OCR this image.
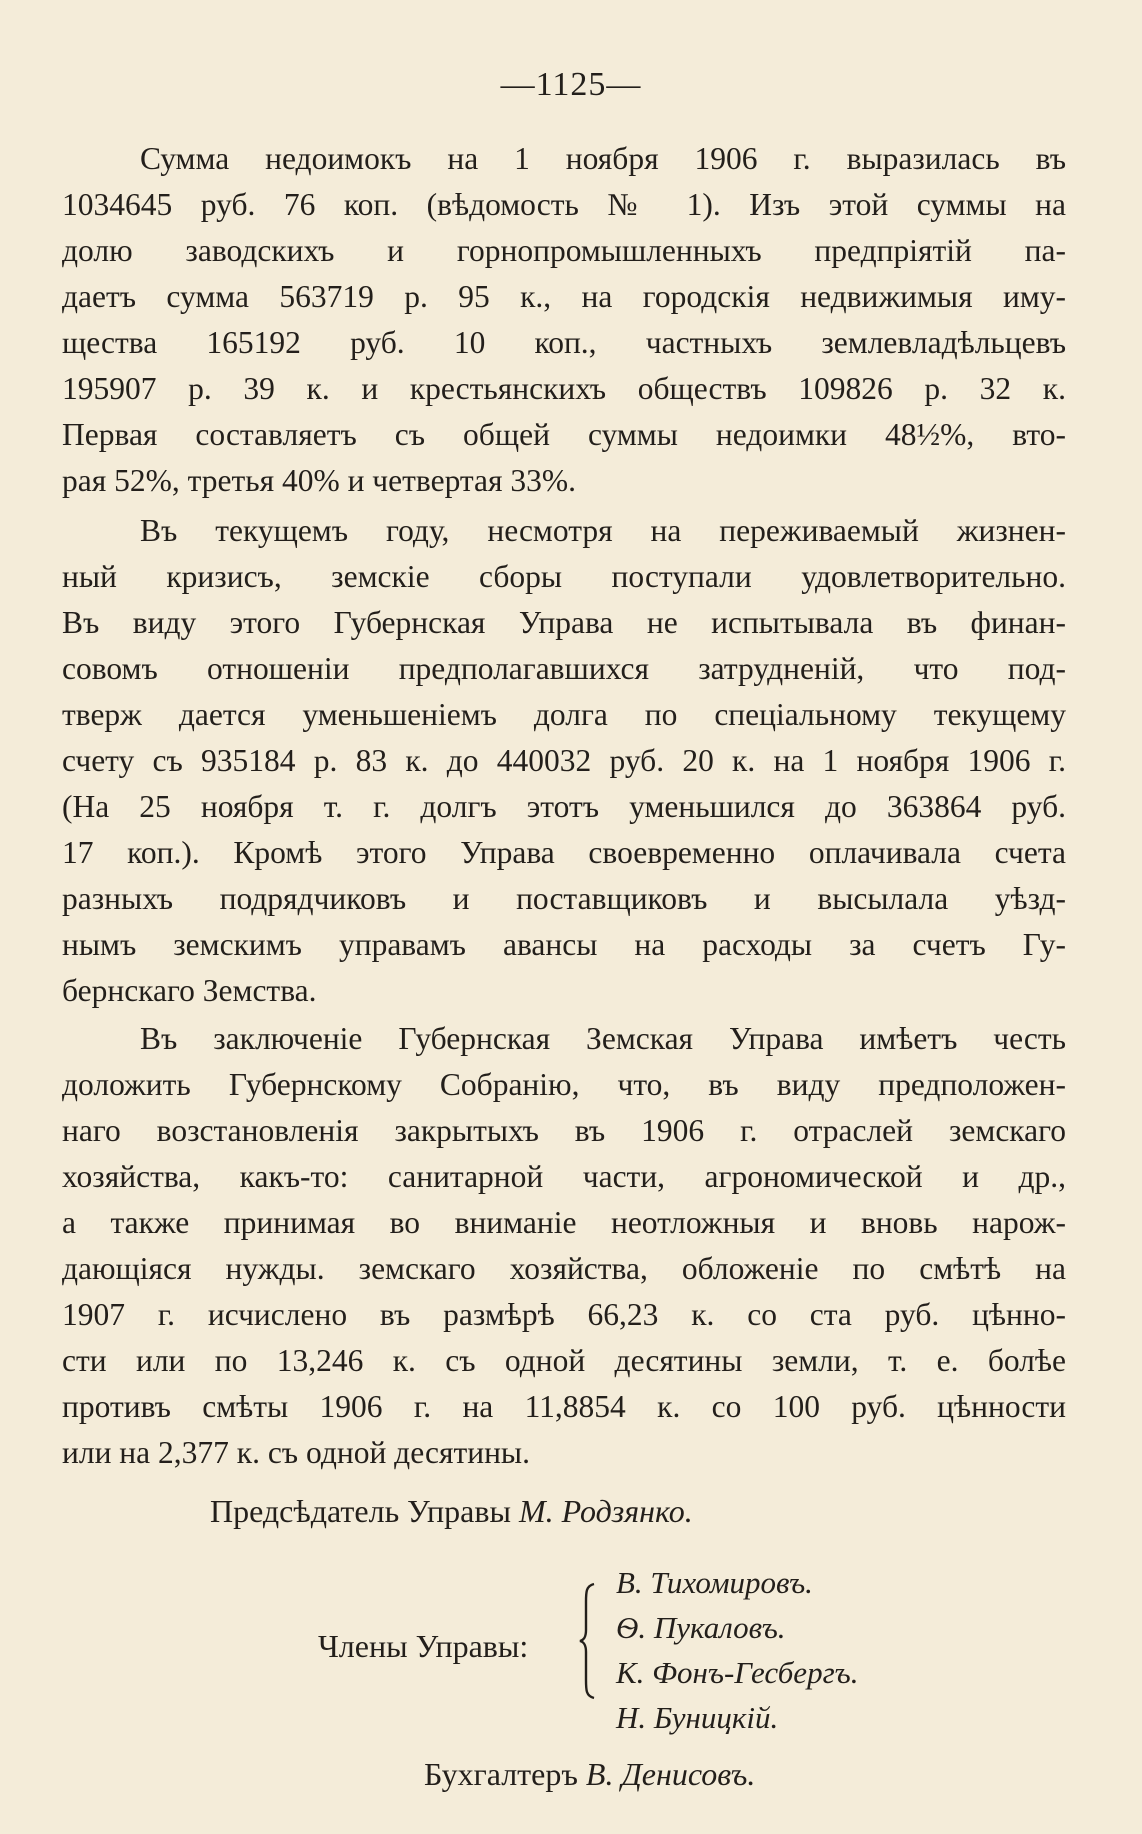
—1125—
Сумма недоимокъ на 1 ноября 1906 г. выразилась въ
1034645 руб. 76 коп. (вѣдомость № 1). Изъ этой суммы на
долю заводскихъ и горнопромышленныхъ предпріятій па-
даетъ сумма 563719 р. 95 к., на городскія недвижимыя иму-
щества 165192 руб. 10 коп., частныхъ землевладѣльцевъ
195907 р. 39 к. и крестьянскихъ обществъ 109826 р. 32 к.
Первая составляетъ съ общей суммы недоимки 48½%, вто-
рая 52%, третья 40% и четвертая 33%.
Въ текущемъ году, несмотря на переживаемый жизнен-
ный кризисъ, земскіе сборы поступали удовлетворительно.
Въ виду этого Губернская Управа не испытывала въ финан-
совомъ отношеніи предполагавшихся затрудненій, что под-
тверж дается уменьшеніемъ долга по спеціальному текущему
счету съ 935184 р. 83 к. до 440032 руб. 20 к. на 1 ноября 1906 г.
(На 25 ноября т. г. долгъ этотъ уменьшился до 363864 руб.
17 коп.). Кромѣ этого Управа своевременно оплачивала счета
разныхъ подрядчиковъ и поставщиковъ и высылала уѣзд-
нымъ земскимъ управамъ авансы на расходы за счетъ Гу-
бернскаго Земства.
Въ заключеніе Губернская Земская Управа имѣетъ честь
доложить Губернскому Собранію, что, въ виду предположен-
наго возстановленія закрытыхъ въ 1906 г. отраслей земскаго
хозяйства, какъ-то: санитарной части, агрономической и др.,
а также принимая во вниманіе неотложныя и вновь нарож-
дающіяся нужды. земскаго хозяйства, обложеніе по смѣтѣ на
1907 г. исчислено въ размѣрѣ 66,23 к. со ста руб. цѣнно-
сти или по 13,246 к. съ одной десятины земли, т. е. болѣе
противъ смѣты 1906 г. на 11,8854 к. со 100 руб. цѣнности
или на 2,377 к. съ одной десятины.
Предсѣдатель Управы М. Родзянко.
Члены Управы:
В. Тихомировъ.
Ѳ. Пукаловъ.
К. Фонъ-Гесбергъ.
Н. Буницкій.
Бухгалтеръ В. Денисовъ.
